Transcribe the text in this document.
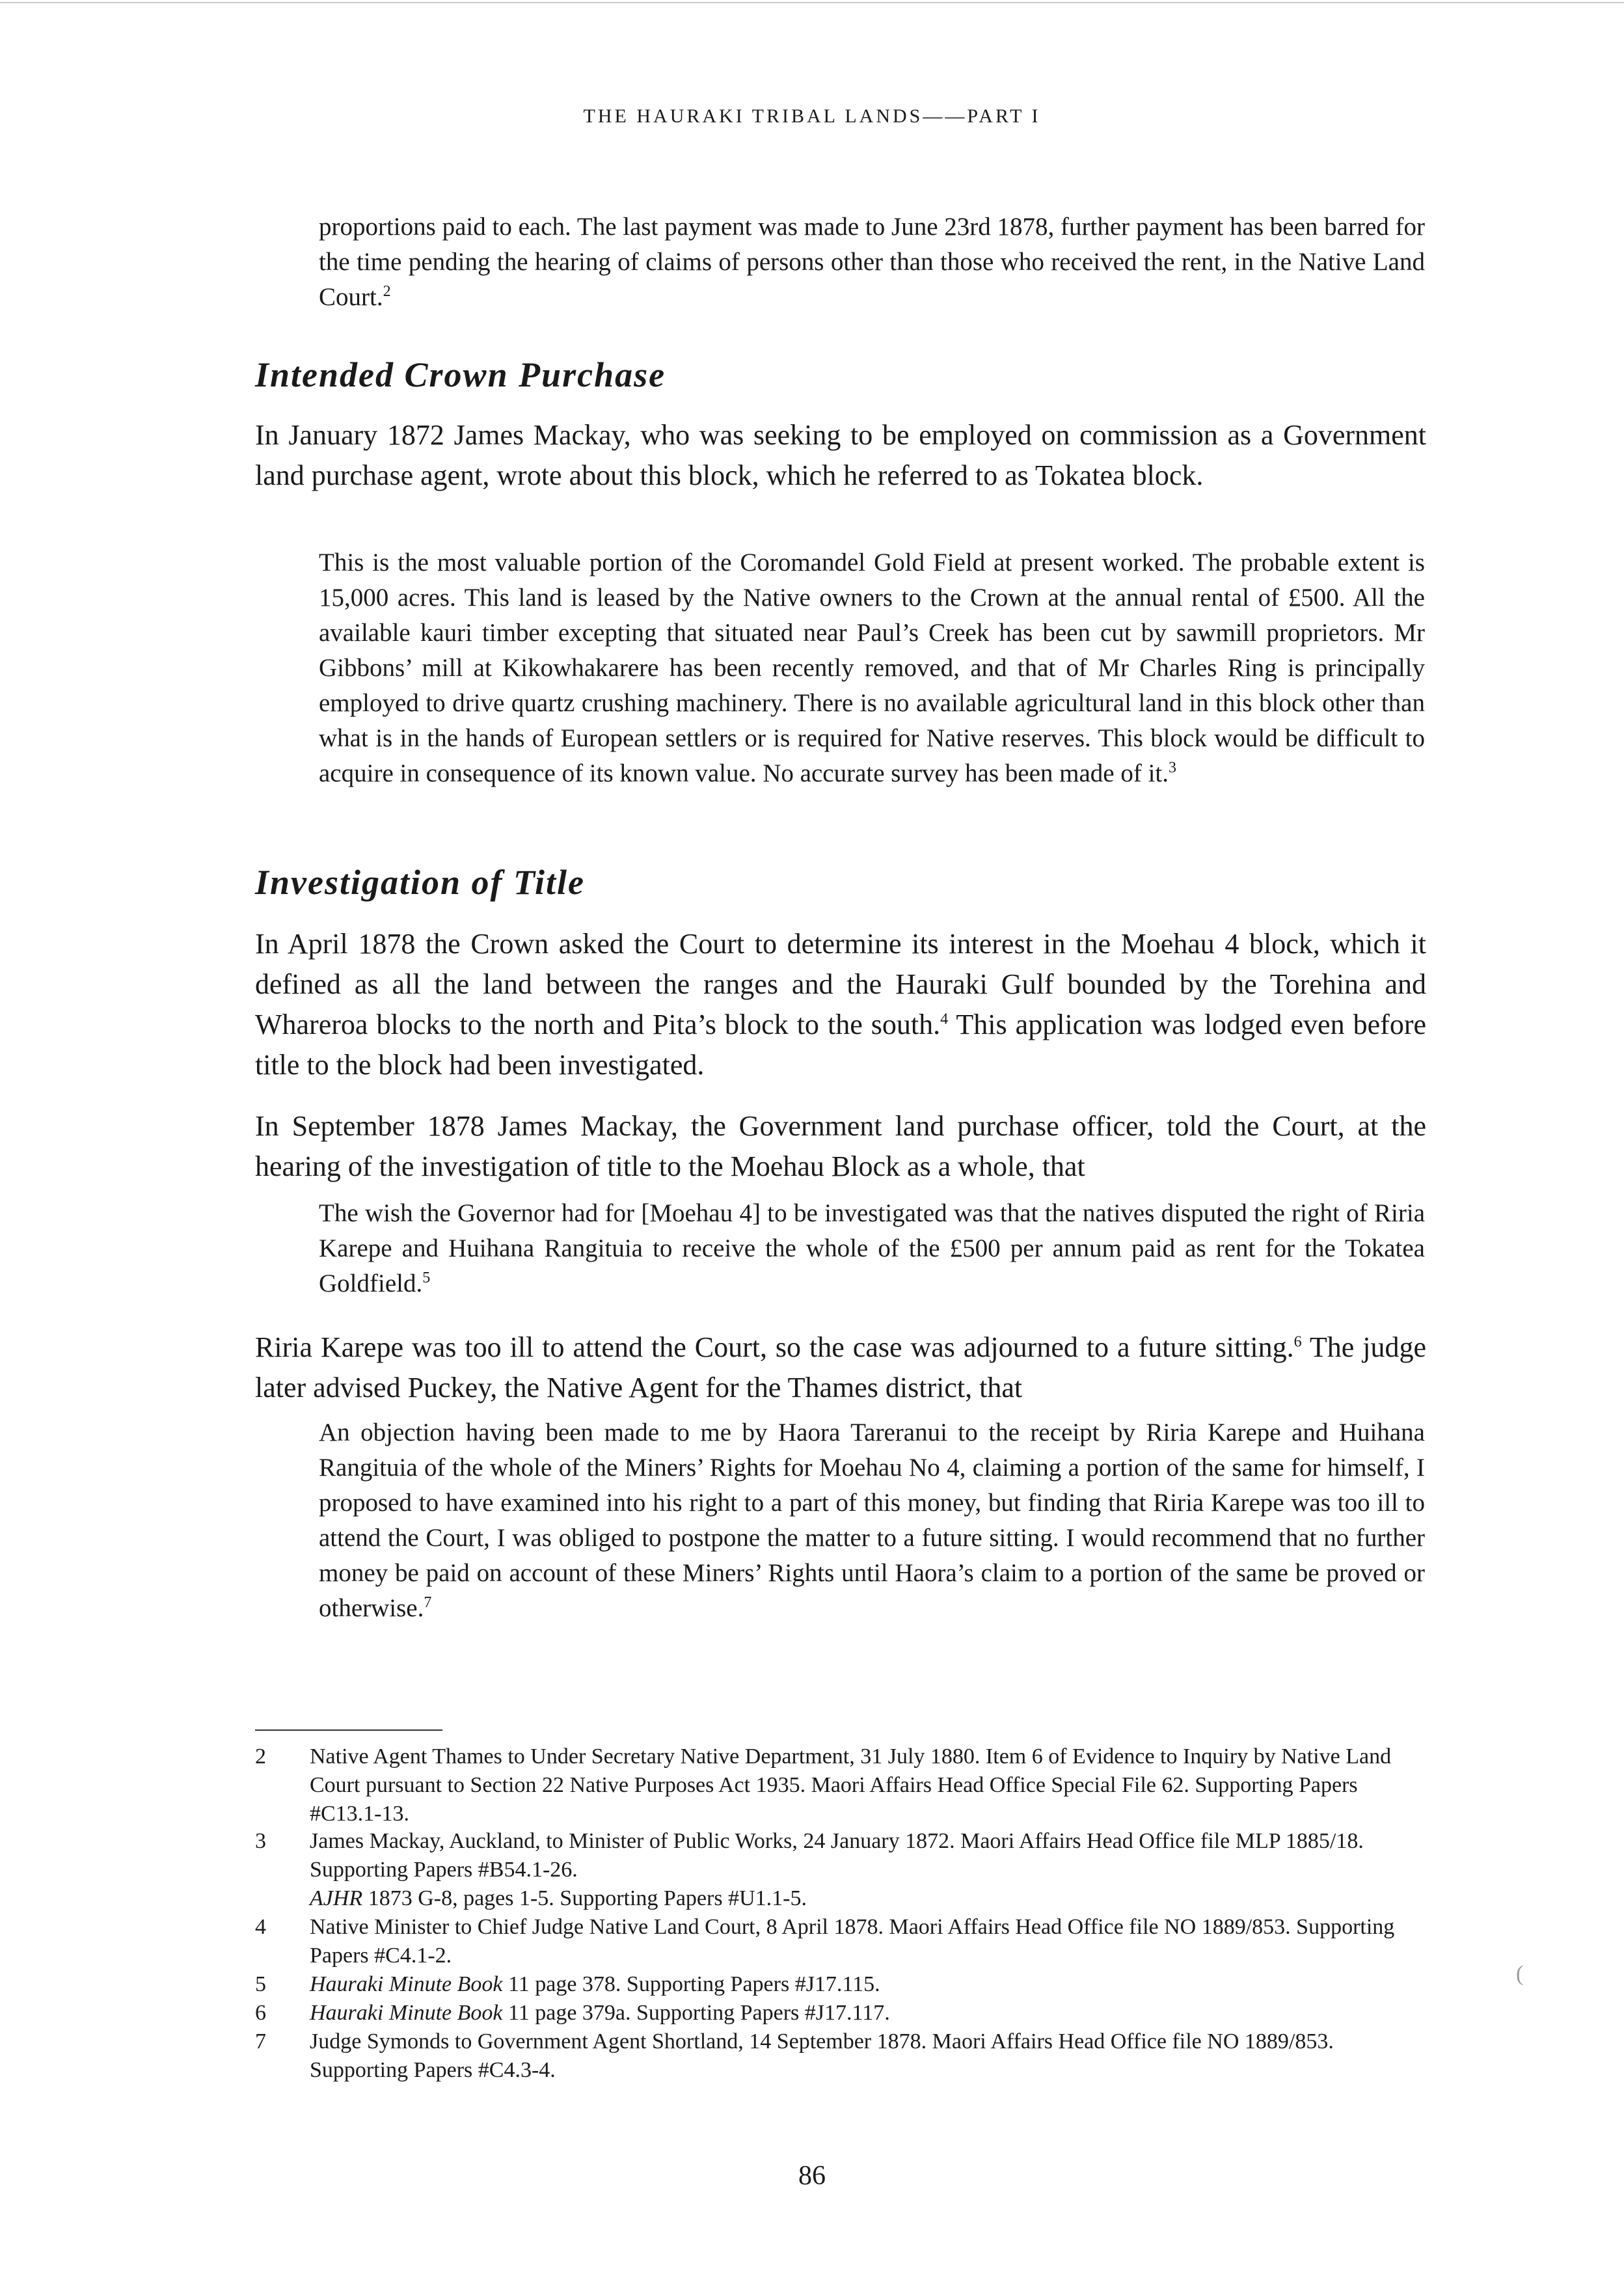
THE HAURAKI TRIBAL LANDS——PART I

proportions paid to each. The last payment was made to June 23rd 1878, further payment has been barred for the time pending the hearing of claims of persons other than those who received the rent, in the Native Land Court.$^2$

Intended Crown Purchase

In January 1872 James Mackay, who was seeking to be employed on commission as a Government land purchase agent, wrote about this block, which he referred to as Tokatea block.

This is the most valuable portion of the Coromandel Gold Field at present worked. The probable extent is 15,000 acres. This land is leased by the Native owners to the Crown at the annual rental of £500. All the available kauri timber excepting that situated near Paul’s Creek has been cut by sawmill proprietors. Mr Gibbons’ mill at Kikowhakarere has been recently removed, and that of Mr Charles Ring is principally employed to drive quartz crushing machinery. There is no available agricultural land in this block other than what is in the hands of European settlers or is required for Native reserves. This block would be difficult to acquire in consequence of its known value. No accurate survey has been made of it.$^3$

Investigation of Title

In April 1878 the Crown asked the Court to determine its interest in the Moehau 4 block, which it defined as all the land between the ranges and the Hauraki Gulf bounded by the Torehina and Whareroa blocks to the north and Pita’s block to the south.$^4$ This application was lodged even before title to the block had been investigated.

In September 1878 James Mackay, the Government land purchase officer, told the Court, at the hearing of the investigation of title to the Moehau Block as a whole, that

The wish the Governor had for [Moehau 4] to be investigated was that the natives disputed the right of Riria Karepe and Huihana Rangituia to receive the whole of the £500 per annum paid as rent for the Tokatea Goldfield.$^5$

Riria Karepe was too ill to attend the Court, so the case was adjourned to a future sitting.$^6$ The judge later advised Puckey, the Native Agent for the Thames district, that

An objection having been made to me by Haora Tareranui to the receipt by Riria Karepe and Huihana Rangituia of the whole of the Miners’ Rights for Moehau No 4, claiming a portion of the same for himself, I proposed to have examined into his right to a part of this money, but finding that Riria Karepe was too ill to attend the Court, I was obliged to postpone the matter to a future sitting. I would recommend that no further money be paid on account of these Miners’ Rights until Haora’s claim to a portion of the same be proved or otherwise.$^7$

2	Native Agent Thames to Under Secretary Native Department, 31 July 1880. Item 6 of Evidence to Inquiry by Native Land Court pursuant to Section 22 Native Purposes Act 1935. Maori Affairs Head Office Special File 62. Supporting Papers #C13.1-13.
3	James Mackay, Auckland, to Minister of Public Works, 24 January 1872. Maori Affairs Head Office file MLP 1885/18. Supporting Papers #B54.1-26.
AJHR 1873 G-8, pages 1-5. Supporting Papers #U1.1-5.
4	Native Minister to Chief Judge Native Land Court, 8 April 1878. Maori Affairs Head Office file NO 1889/853. Supporting Papers #C4.1-2.
5	Hauraki Minute Book 11 page 378. Supporting Papers #J17.115.
6	Hauraki Minute Book 11 page 379a. Supporting Papers #J17.117.
7	Judge Symonds to Government Agent Shortland, 14 September 1878. Maori Affairs Head Office file NO 1889/853. Supporting Papers #C4.3-4.
(
86
